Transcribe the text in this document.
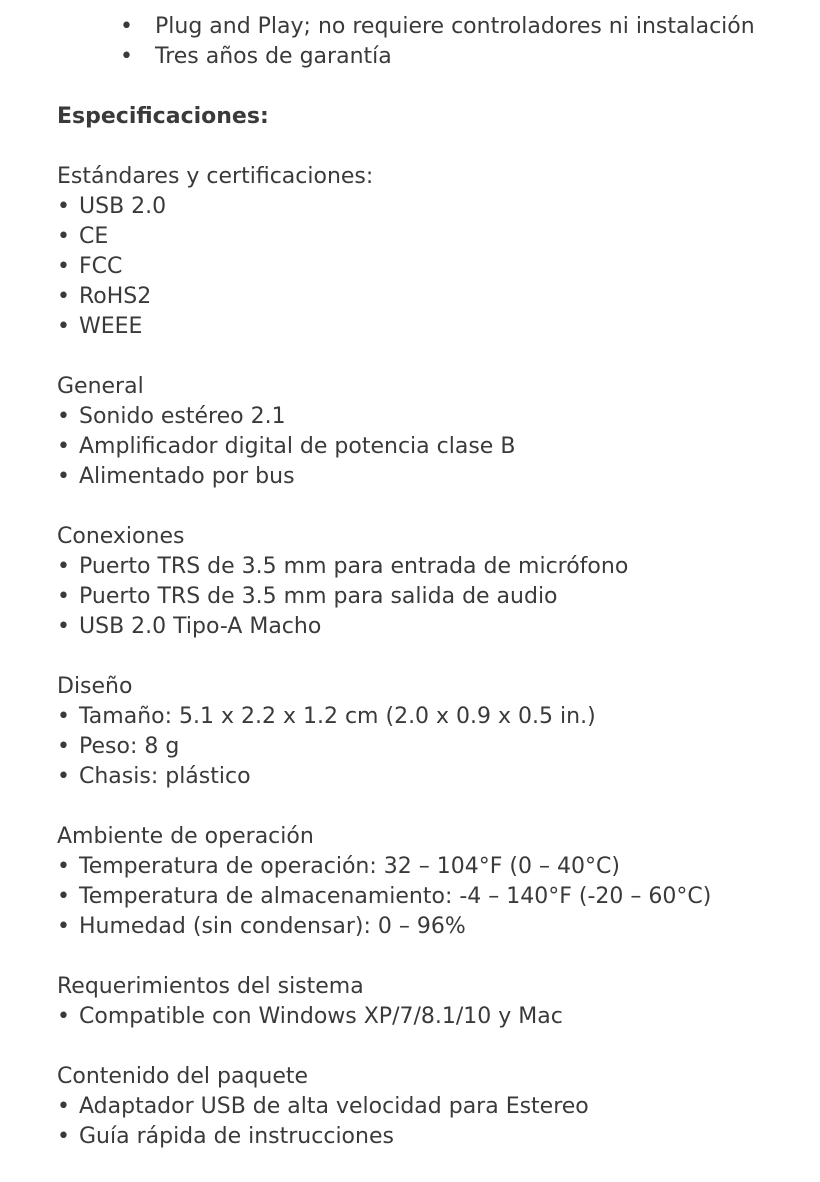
• Plug and Play; no requiere controladores ni instalación
• Tres años de garantía
Especificaciones:
Estándares y certificaciones:
• USB 2.0
• CE
• FCC
• RoHS2
• WEEE
General
• Sonido estéreo 2.1
• Amplificador digital de potencia clase B
• Alimentado por bus
Conexiones
• Puerto TRS de 3.5 mm para entrada de micrófono
• Puerto TRS de 3.5 mm para salida de audio
• USB 2.0 Tipo-A Macho
Diseño
• Tamaño: 5.1 x 2.2 x 1.2 cm (2.0 x 0.9 x 0.5 in.)
• Peso: 8 g
• Chasis: plástico
Ambiente de operación
• Temperatura de operación: 32 – 104°F (0 – 40°C)
• Temperatura de almacenamiento: -4 – 140°F (-20 – 60°C)
• Humedad (sin condensar): 0 – 96%
Requerimientos del sistema
• Compatible con Windows XP/7/8.1/10 y Mac
Contenido del paquete
• Adaptador USB de alta velocidad para Estereo
• Guía rápida de instrucciones
